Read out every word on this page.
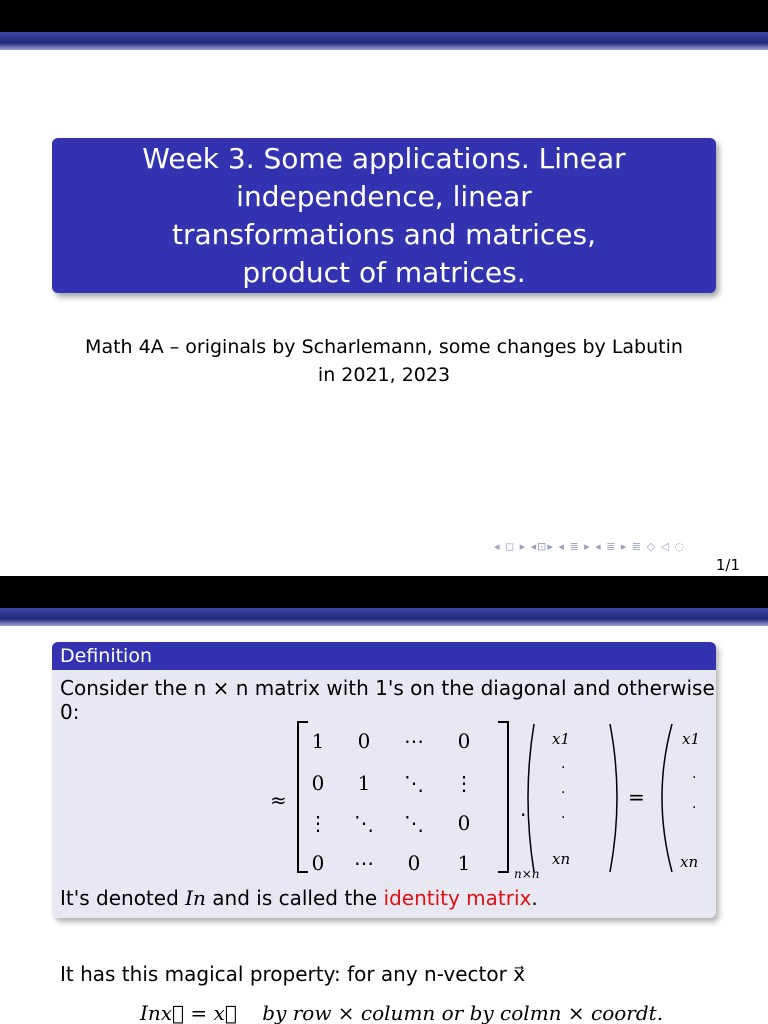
Week 3. Some applications. Linear independence, linear transformations and matrices, product of matrices.
Math 4A – originals by Scharlemann, some changes by Labutin
in 2021, 2023
◂ ◻ ▸ ◂⊡▸ ◂ ≣ ▸ ◂ ≣ ▸ ≣ ◇ ◁ ◌
1/1
Definition
Consider the n × n matrix with 1's on the diagonal and otherwise 0:
≈
1 0 ⋯ 0
0 1 ⋱ ⋮
⋮ ⋱ ⋱ 0
0 ⋯ 0 1	n×n
.
x1
·
·
·
xn
=
x1
·
·
xn
It's denoted In and is called the identity matrix.
It has this magical property: for any n-vector x⃗
Inx⃗ = x⃗ by row × column or by colmn × coordt.
